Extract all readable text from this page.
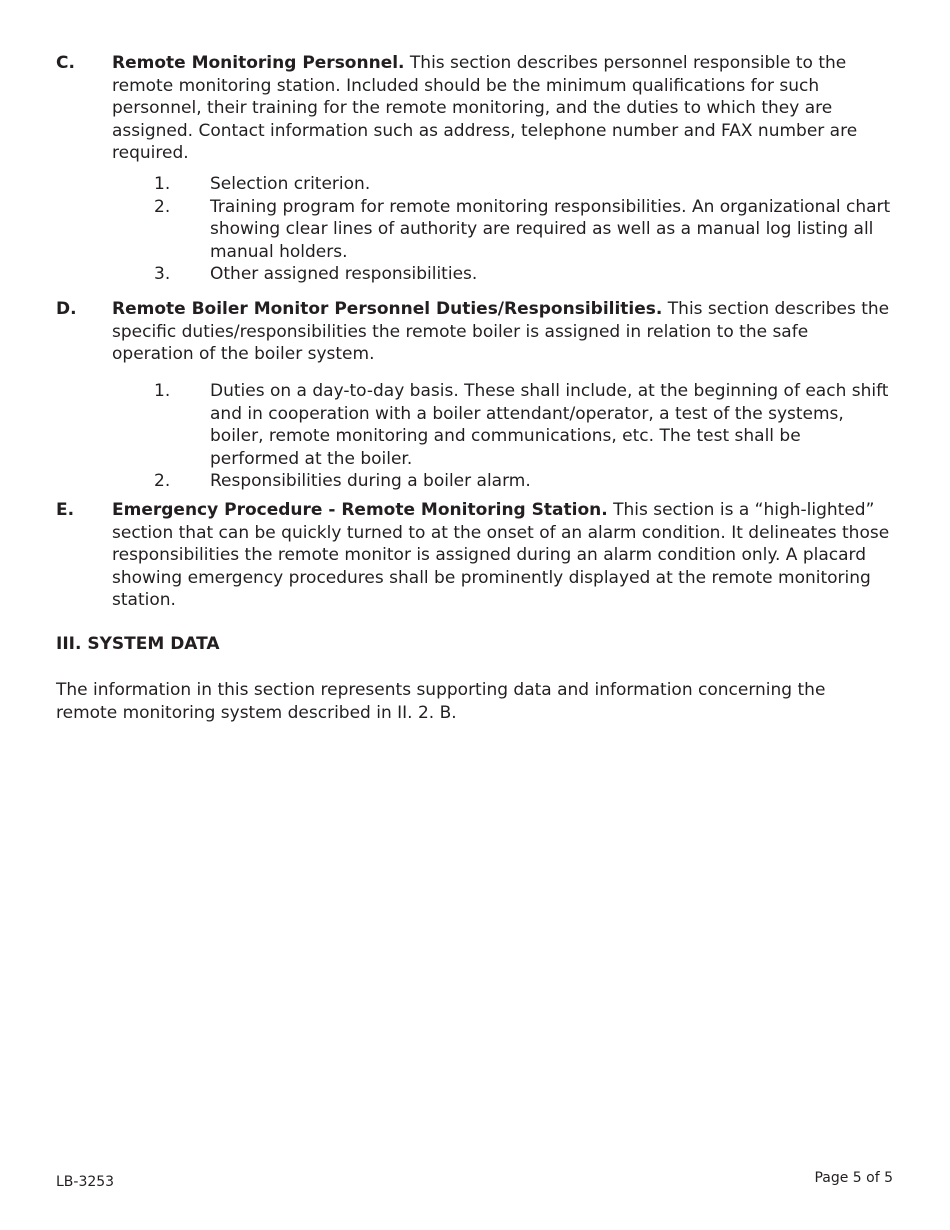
C. Remote Monitoring Personnel. This section describes personnel responsible to the remote monitoring station. Included should be the minimum qualifications for such personnel, their training for the remote monitoring, and the duties to which they are assigned. Contact information such as address, telephone number and FAX number are required.
1. Selection criterion.
2. Training program for remote monitoring responsibilities. An organizational chart showing clear lines of authority are required as well as a manual log listing all manual holders.
3. Other assigned responsibilities.
D. Remote Boiler Monitor Personnel Duties/Responsibilities. This section describes the specific duties/responsibilities the remote boiler is assigned in relation to the safe operation of the boiler system.
1. Duties on a day-to-day basis. These shall include, at the beginning of each shift and in cooperation with a boiler attendant/operator, a test of the systems, boiler, remote monitoring and communications, etc. The test shall be performed at the boiler.
2. Responsibilities during a boiler alarm.
E. Emergency Procedure - Remote Monitoring Station. This section is a “high-lighted” section that can be quickly turned to at the onset of an alarm condition. It delineates those responsibilities the remote monitor is assigned during an alarm condition only. A placard showing emergency procedures shall be prominently displayed at the remote monitoring station.
III. SYSTEM DATA
The information in this section represents supporting data and information concerning the remote monitoring system described in II. 2. B.
LB-3253	Page 5 of 5
